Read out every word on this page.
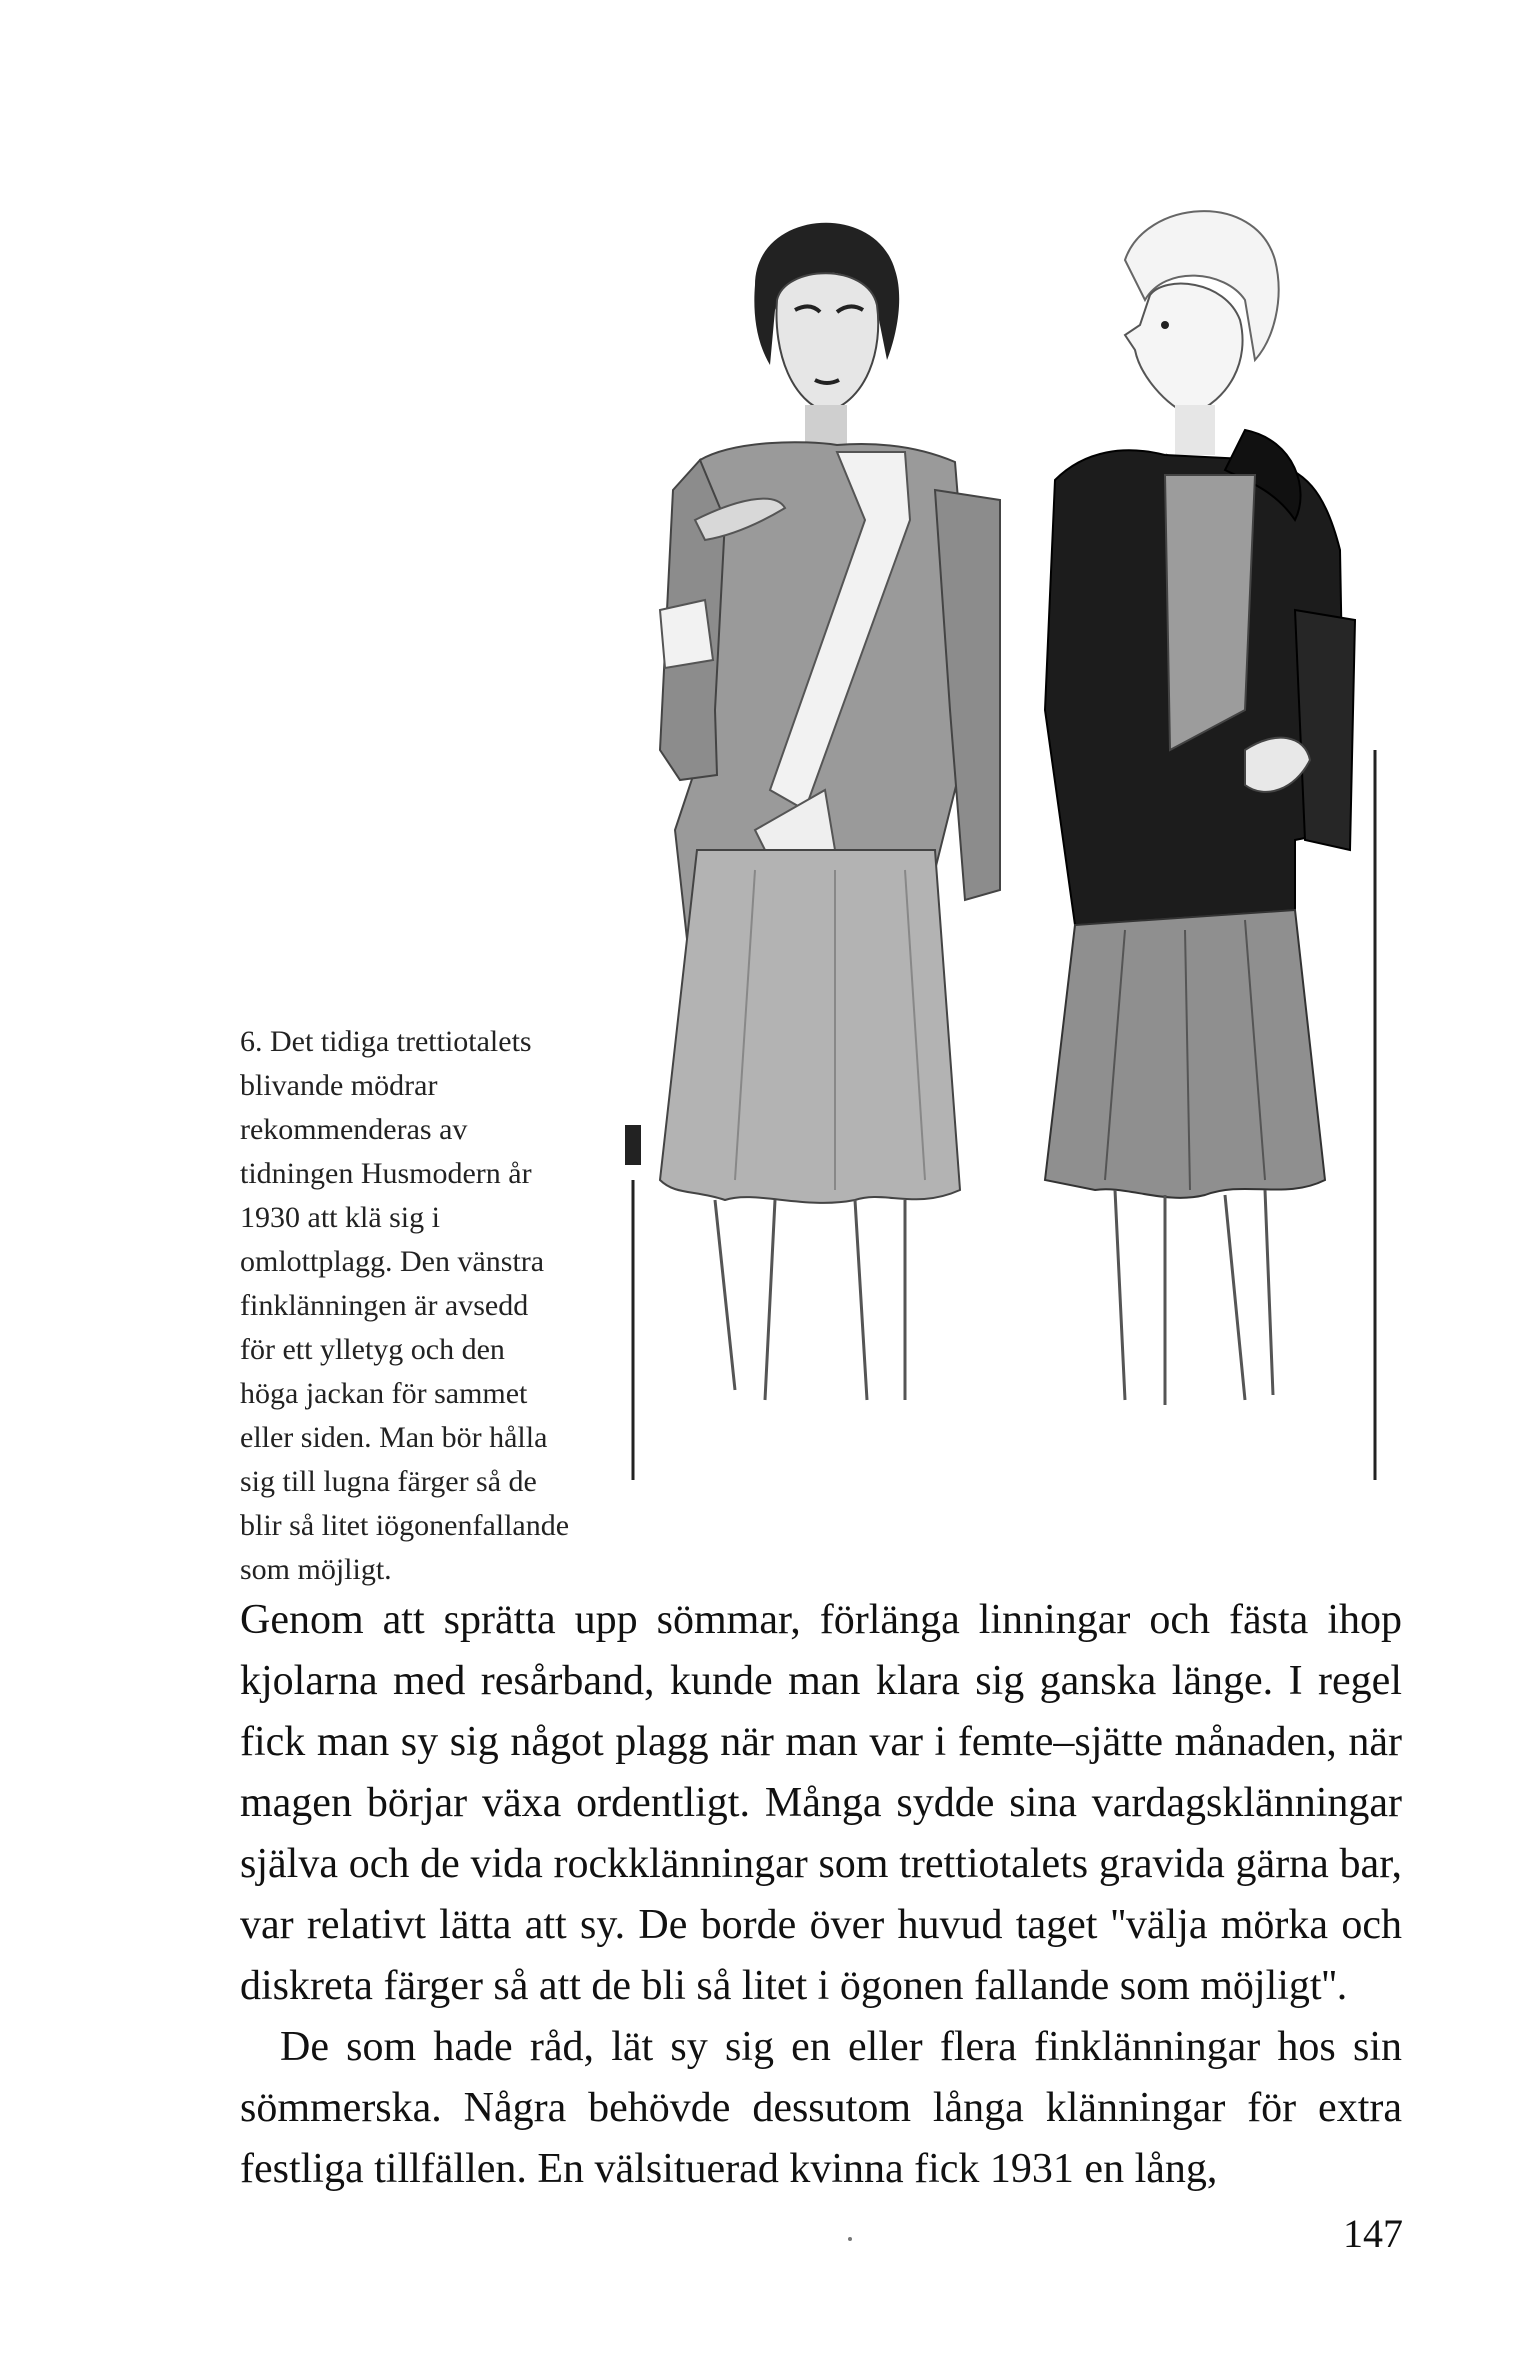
6. Det tidiga trettiotalets blivande mödrar rekommenderas av tidningen Husmodern år 1930 att klä sig i omlottplagg. Den vänstra finklänningen är avsedd för ett ylletyg och den höga jackan för sammet eller siden. Man bör hålla sig till lugna färger så de blir så litet iögonenfallande som möjligt.

Genom att sprätta upp sömmar, förlänga linningar och fästa ihop kjolarna med resårband, kunde man klara sig ganska länge. I regel fick man sy sig något plagg när man var i femte–sjätte månaden, när magen börjar växa ordentligt. Många sydde sina vardagsklänningar själva och de vida rockklänningar som trettiotalets gravida gärna bar, var relativt lätta att sy. De borde över huvud taget ''välja mörka och diskreta färger så att de bli så litet i ögonen fallande som möjligt''.

De som hade råd, lät sy sig en eller flera finklänningar hos sin sömmerska. Några behövde dessutom långa klänningar för extra festliga tillfällen. En välsituerad kvinna fick 1931 en lång,

147
